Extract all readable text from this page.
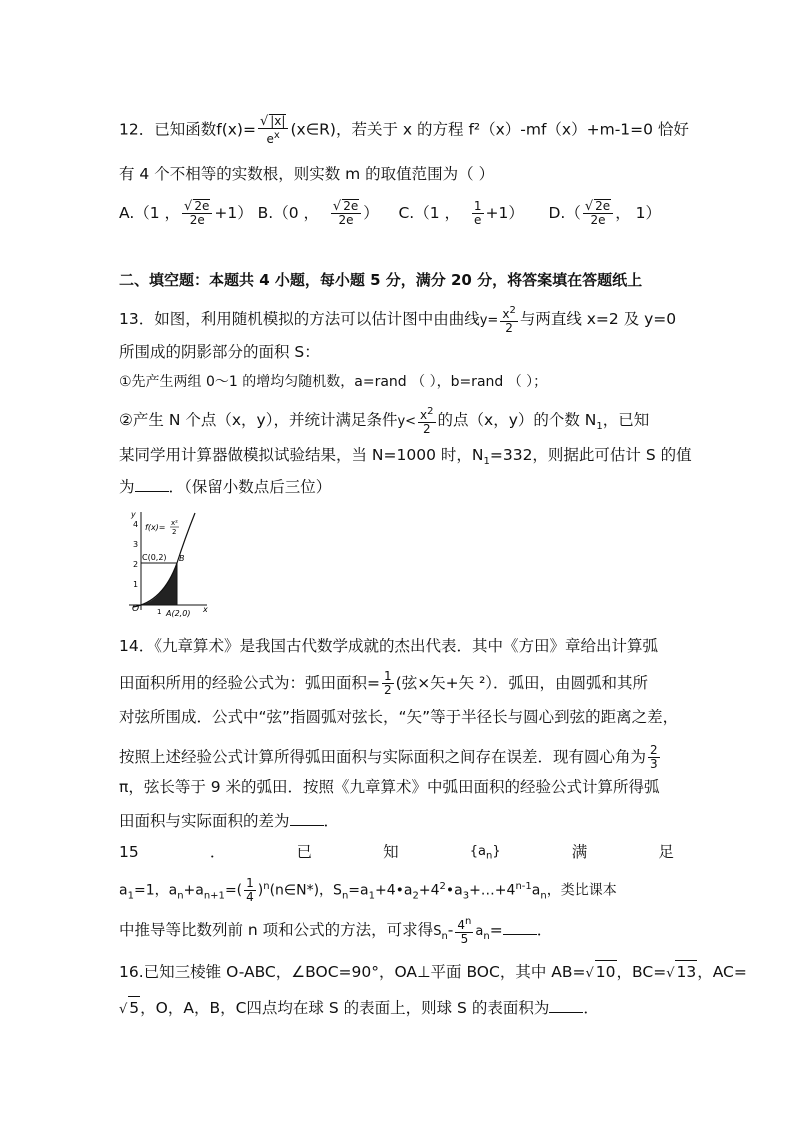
12．已知函数$f(x)= \frac{√ |x|}{e^x}$ (x∈R)，若关于 x 的方程 f²（x）-mf（x）+m-1=0 恰好
有 4 个不相等的实数根，则实数 m 的取值范围为（ ）
A.（1 ， $\frac{√ 2e}{2e} +1$） B.（0 ， $\frac{√ 2e}{2e}$ ） C.（1 ， $\frac{1}{e} +1$） $D.( \frac{√ 2e}{2e}$ ， 1）
二、填空题：本题共 4 小题，每小题 5 分，满分 20 分，将答案填在答题纸上
13．如图，利用随机模拟的方法可以估计图中由曲线$y= \frac{x^2}{2}$ 与两直线 x=2 及 y=0
所围成的阴影部分的面积 S：
①先产生两组 0～1 的增均匀随机数，a=rand （ ），b=rand （ ）；
②产生 N 个点（x，y），并统计满足条件$y< \frac{x^2}{2}$ 的点（x，y）的个数 $N_1$，已知
某同学用计算器做模拟试验结果，当 N=1000 时，$N_1=332$，则据此可估计 S 的值
为 ．（保留小数点后三位）
y
4
3
2
1
f(x)= x²
2
C(0,2) B
O	1 A(2,0) x
14．《九章算术》是我国古代数学成就的杰出代表．其中《方田》章给出计算弧
田面积所用的经验公式为：弧田面积= $\frac{1}{2}$ (弦×矢+矢 ²）．弧田，由圆弧和其所
对弦所围成．公式中“弦”指圆弧对弦长，“矢”等于半径长与圆心到弦的距离之差，
按照上述经验公式计算所得弧田面积与实际面积之间存在误差．现有圆心角为 $\frac{2}{3}$
π，弦长等于 9 米的弧田．按照《九章算术》中弧田面积的经验公式计算所得弧
田面积与实际面积的差为 ．
15	．	已	知	$\{a_n\}$	满	足
$a_1=1$，$a_n+a_{n+1}=( \frac{1}{4}$ )$^n(n\in N*)$，$S_n=a_1+4•a_2+4^2•a_3+\dots+4^{n-1}a_n$，类比课本
中推导等比数列前 n 项和公式的方法，可求得$S_n- \frac{4^n}{5} a_n=$ ．
16.已知三棱锥 O-ABC，∠BOC=90°，OA⊥平面 BOC，其中 AB=√ 10，BC=√ 13，AC=
√ 5，O，A，B，C四点均在球 S 的表面上，则球 S 的表面积为 ．
